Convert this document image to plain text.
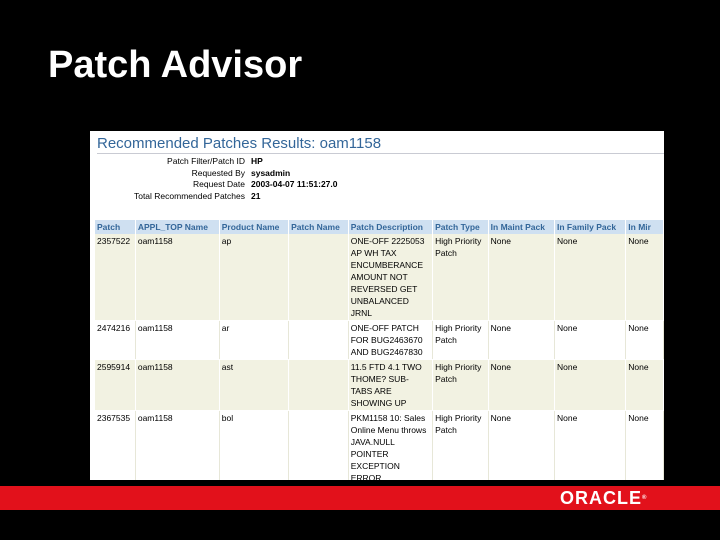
Patch Advisor
Recommended Patches Results: oam1158
Patch Filter/Patch ID HP
Requested By sysadmin
Request Date 2003-04-07 11:51:27.0
Total Recommended Patches 21
Patch	APPL_TOP Name	Product Name	Patch Name	Patch Description	Patch Type	In Maint Pack	In Family Pack	In Mir
2357522	oam1158	ap		ONE-OFF 2225053 AP WH TAX ENCUMBERANCE AMOUNT NOT REVERSED GET UNBALANCED JRNL	High Priority Patch	None	None	None
2474216	oam1158	ar		ONE-OFF PATCH FOR BUG2463670 AND BUG2467830	High Priority Patch	None	None	None
2595914	oam1158	ast		11.5 FTD 4.1 TWO THOME? SUB-TABS ARE SHOWING UP	High Priority Patch	None	None	None
2367535	oam1158	bol		PKM1158 10: Sales Online Menu throws JAVA.NULL POINTER EXCEPTION ERROR	High Priority Patch	None	None	None
ORACLE®
